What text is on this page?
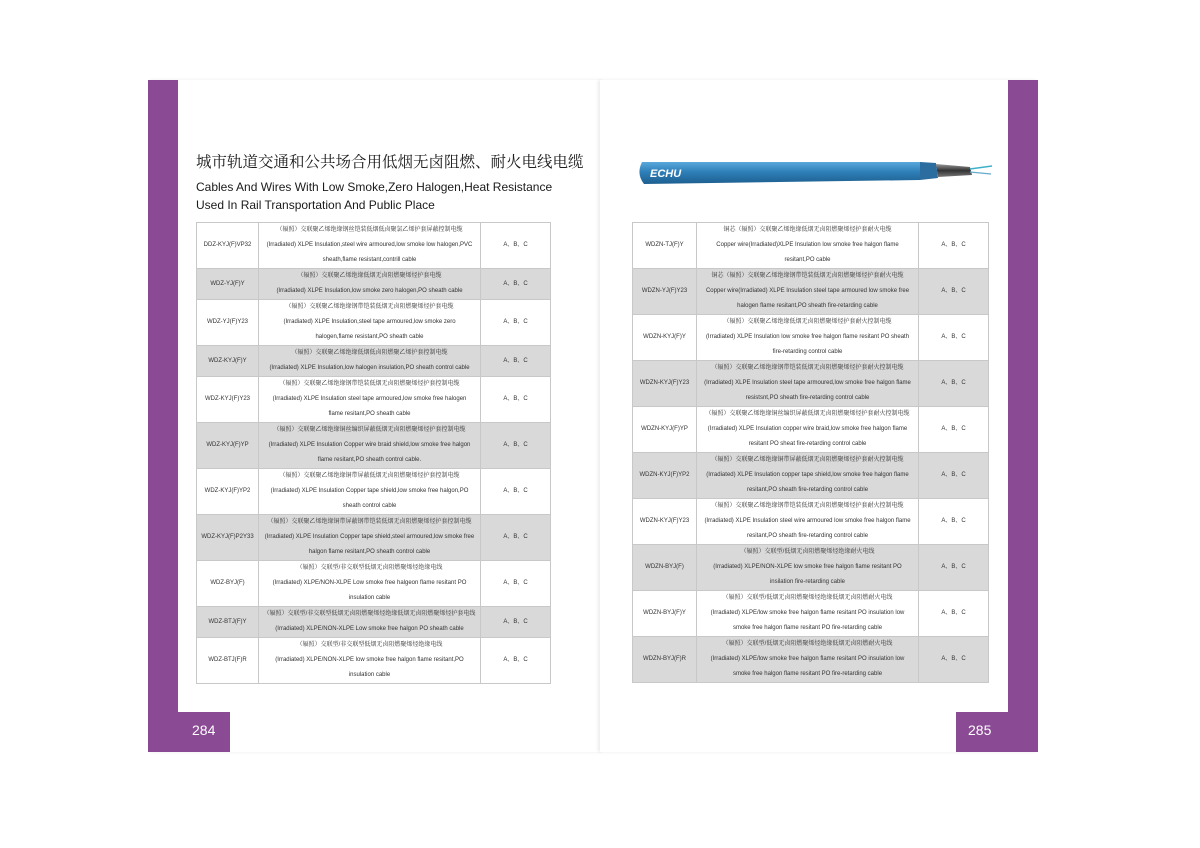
284	285
城市轨道交通和公共场合用低烟无卤阻燃、耐火电线电缆
Cables And Wires With Low Smoke,Zero Halogen,Heat Resistance
Used In Rail Transportation And Public Place
DDZ-KYJ(F)VP32	（辐照）交联聚乙烯绝缘钢丝铠装低烟低卤聚氯乙烯护套屏蔽控制电缆
(Irradiated) XLPE Insulation,steel wire armoured,low smoke low halogen,PVC
sheath,flame resistant,contrill cable	A、B、C
WDZ-YJ(F)Y	（辐照）交联聚乙烯绝缘低烟无卤阻燃聚烯烃护套电缆
(Irradiated) XLPE Insulation,low smoke zero halogen,PO sheath cable	A、B、C
WDZ-YJ(F)Y23	（辐照）交联聚乙烯绝缘钢带铠装低烟无卤阻燃聚烯烃护套电缆
(Irradiated) XLPE Insulation,steel tape armoured,low smoke zero
halogen,flame resistant,PO sheath cable	A、B、C
WDZ-KYJ(F)Y	（辐照）交联聚乙烯绝缘低烟低卤阻燃聚乙烯护套控制电缆
(Irradiated) XLPE Insulation,low halogen insulation,PO sheath control cable	A、B、C
WDZ-KYJ(F)Y23	（辐照）交联聚乙烯绝缘钢带铠装低烟无卤阻燃聚烯烃护套控制电缆
(Irradiated) XLPE Insulation steel tape armoured,low smoke free halogen
flame resitant,PO sheath cable	A、B、C
WDZ-KYJ(F)YP	（辐照）交联聚乙烯绝缘铜丝编织屏蔽低烟无卤阻燃聚烯烃护套控制电缆
(Irradiated) XLPE Insulation Copper wire braid shield,low smoke free halgon
flame resitant,PO sheath control cable.	A、B、C
WDZ-KYJ(F)YP2	（辐照）交联聚乙烯绝缘铜带屏蔽低烟无卤阻燃聚烯烃护套控制电缆
(Irradiated) XLPE Insulation Copper tape shield,low smoke free halgon,PO
sheath control cable	A、B、C
WDZ-KYJ(F)P2Y33	（辐照）交联聚乙烯绝缘铜带屏蔽钢带铠装低烟无卤阻燃聚烯烃护套控制电缆
(Irradiated) XLPE Insulation Copper tape shield,steel armoured,low smoke free
halgon flame resitant,PO sheath control cable	A、B、C
WDZ-BYJ(F)	（辐照）交联型/非交联型低烟无卤阻燃聚烯烃绝缘电线
(Irradiated) XLPE/NON-XLPE Low smoke free halgeon flame resitant PO
insulation cable	A、B、C
WDZ-BTJ(F)Y	（辐照）交联型/非交联型低烟无卤阻燃聚烯烃绝缘低烟无卤阻燃聚烯烃护套电线
(Irradiated) XLPE/NON-XLPE Low smoke free halgon PO sheath cable	A、B、C
WDZ-BTJ(F)R	（辐照）交联型/非交联型低烟无卤阻燃聚烯烃绝缘电线
(Irradiated) XLPE/NON-XLPE low smoke free halgon flame resitant,PO
insulation cable	A、B、C
ECHU
WDZN-TJ(F)Y	铜芯（辐照）交联聚乙烯绝缘低烟无卤阻燃聚烯烃护套耐火电缆
Copper wire(Irradiated)XLPE Insulation low smoke free halgon flame
resitant,PO cable	A、B、C
WDZN-YJ(F)Y23	铜芯（辐照）交联聚乙烯绝缘钢带铠装低烟无卤阻燃聚烯烃护套耐火电缆
Copper wire(Irradiated) XLPE Insulation steel tape armoured low smoke free
halogen flame resitant,PO sheath fire-retarding cable	A、B、C
WDZN-KYJ(F)Y	（辐照）交联聚乙烯绝缘低烟无卤阻燃聚烯烃护套耐火控制电缆
(Irradiated) XLPE Insulation low smoke free halgon flame resitant PO sheath
fire-retarding control cable	A、B、C
WDZN-KYJ(F)Y23	（辐照）交联聚乙烯绝缘钢带铠装低烟无卤阻燃聚烯烃护套耐火控制电缆
(Irradiated) XLPE Insulation steel tape armoured,low smoke free halgon flame
resistsnt,PO sheath fire-retarding control cable	A、B、C
WDZN-KYJ(F)YP	（辐照）交联聚乙烯绝缘铜丝编织屏蔽低烟无卤阻燃聚烯烃护套耐火控制电缆
(Irradiated) XLPE Insulation copper wire braid,low smoke free halgon flame
resitant PO sheat fire-retarding control cable	A、B、C
WDZN-KYJ(F)YP2	（辐照）交联聚乙烯绝缘铜带屏蔽低烟无卤阻燃聚烯烃护套耐火控制电缆
(Irradiated) XLPE Insulation copper tape shield,low smoke free halgon flame
resitant,PO sheath fire-retarding control cable	A、B、C
WDZN-KYJ(F)Y23	（辐照）交联聚乙烯绝缘钢带铠装低烟无卤阻燃聚烯烃护套耐火控制电缆
(Irradiated) XLPE Insulation steel wire armoured low smoke free halgon flame
resitant,PO sheath fire-retarding control cable	A、B、C
WDZN-BYJ(F)	（辐照）交联型/低烟无卤阻燃聚烯烃绝缘耐火电线
(Irradiated) XLPE/NON-XLPE low smoke free halgon flame resitant PO
insilation fire-retarding cable	A、B、C
WDZN-BYJ(F)Y	（辐照）交联型/低烟无卤阻燃聚烯烃绝缘低烟无卤阻燃耐火电线
(Irradiated) XLPE/low smoke free halgon flame resitant PO insulation low
smoke free halgon flame resitant PO fire-retarding cable	A、B、C
WDZN-BYJ(F)R	（辐照）交联型/低烟无卤阻燃聚烯烃绝缘低烟无卤阻燃耐火电线
(Irradiated) XLPE/low smoke free halgon flame resitant PO insulation low
smoke free halgon flame resitant PO fire-retarding cable	A、B、C
